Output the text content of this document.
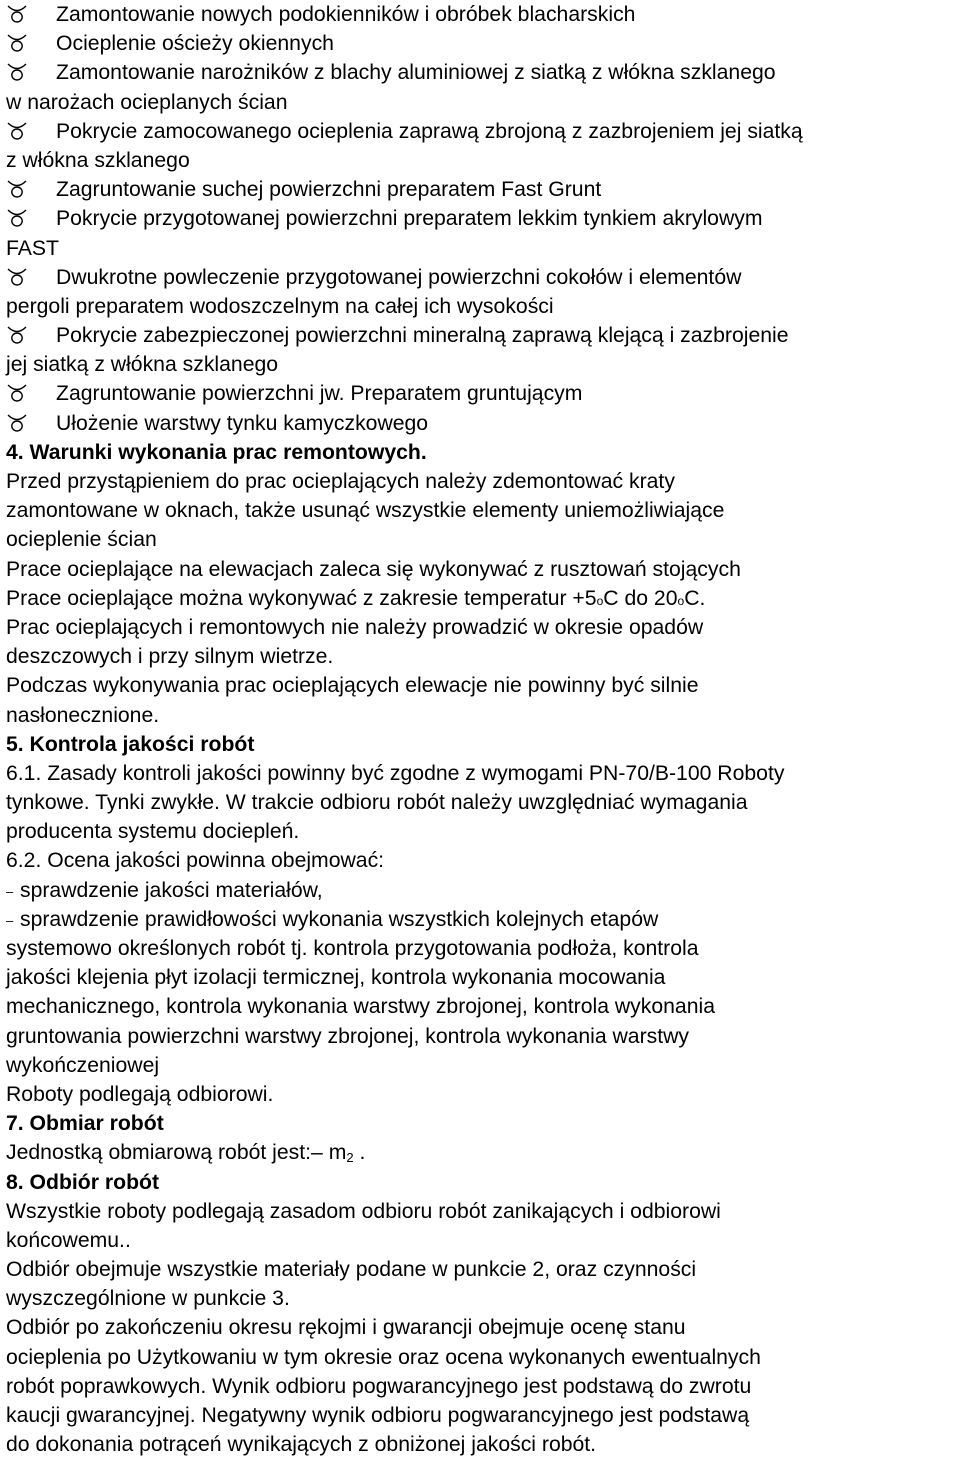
Zamontowanie nowych podokienników i obróbek blacharskich
Ocieplenie ościeży okiennych
Zamontowanie narożników z blachy aluminiowej z siatką z włókna szklanego
w narożach ocieplanych ścian
Pokrycie zamocowanego ocieplenia zaprawą zbrojoną z zazbrojeniem jej siatką
z włókna szklanego
Zagruntowanie suchej powierzchni preparatem Fast Grunt
Pokrycie przygotowanej powierzchni preparatem lekkim tynkiem akrylowym
FAST
Dwukrotne powleczenie przygotowanej powierzchni cokołów i elementów
pergoli preparatem wodoszczelnym na całej ich wysokości
Pokrycie zabezpieczonej powierzchni mineralną zaprawą klejącą i zazbrojenie
jej siatką z włókna szklanego
Zagruntowanie powierzchni jw. Preparatem gruntującym
Ułożenie warstwy tynku kamyczkowego
4. Warunki wykonania prac remontowych.
Przed przystąpieniem do prac ocieplających należy zdemontować kraty
zamontowane w oknach, także usunąć wszystkie elementy uniemożliwiające
ocieplenie ścian
Prace ocieplające na elewacjach zaleca się wykonywać z rusztowań stojących
Prace ocieplające można wykonywać z zakresie temperatur +5oC do 20oC.
Prac ocieplających i remontowych nie należy prowadzić w okresie opadów
deszczowych i przy silnym wietrze.
Podczas wykonywania prac ocieplających elewacje nie powinny być silnie
nasłonecznione.
5. Kontrola jakości robót
6.1. Zasady kontroli jakości powinny być zgodne z wymogami PN-70/B-100 Roboty
tynkowe. Tynki zwykłe. W trakcie odbioru robót należy uwzględniać wymagania
producenta systemu dociepleń.
6.2. Ocena jakości powinna obejmować:
– sprawdzenie jakości materiałów,
– sprawdzenie prawidłowości wykonania wszystkich kolejnych etapów
systemowo określonych robót tj. kontrola przygotowania podłoża, kontrola
jakości klejenia płyt izolacji termicznej, kontrola wykonania mocowania
mechanicznego, kontrola wykonania warstwy zbrojonej, kontrola wykonania
gruntowania powierzchni warstwy zbrojonej, kontrola wykonania warstwy
wykończeniowej
Roboty podlegają odbiorowi.
7. Obmiar robót
Jednostką obmiarową robót jest:– $m_2$ .
8. Odbiór robót
Wszystkie roboty podlegają zasadom odbioru robót zanikających i odbiorowi
końcowemu..
Odbiór obejmuje wszystkie materiały podane w punkcie 2, oraz czynności
wyszczególnione w punkcie 3.
Odbiór po zakończeniu okresu rękojmi i gwarancji obejmuje ocenę stanu
ocieplenia po Użytkowaniu w tym okresie oraz ocena wykonanych ewentualnych
robót poprawkowych. Wynik odbioru pogwarancyjnego jest podstawą do zwrotu
kaucji gwarancyjnej. Negatywny wynik odbioru pogwarancyjnego jest podstawą
do dokonania potrąceń wynikających z obniżonej jakości robót.
